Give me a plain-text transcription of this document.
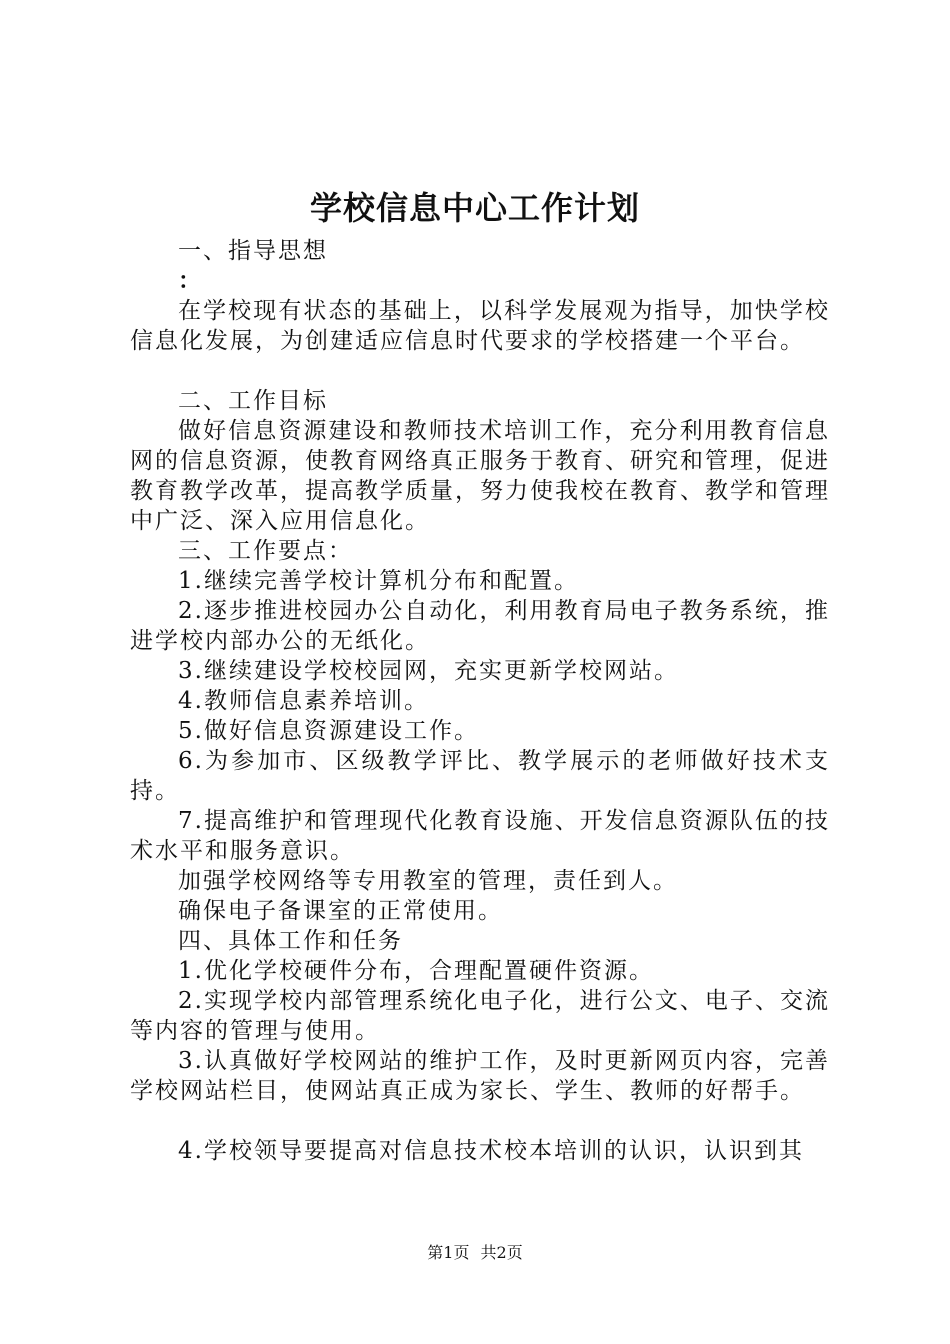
学校信息中心工作计划

一、指导思想

：

在学校现有状态的基础上，以科学发展观为指导，加快学校信息化发展，为创建适应信息时代要求的学校搭建一个平台。

二、工作目标

做好信息资源建设和教师技术培训工作，充分利用教育信息网的信息资源，使教育网络真正服务于教育、研究和管理，促进教育教学改革，提高教学质量，努力使我校在教育、教学和管理中广泛、深入应用信息化。

三、工作要点：

1.继续完善学校计算机分布和配置。

2.逐步推进校园办公自动化，利用教育局电子教务系统，推进学校内部办公的无纸化。

3.继续建设学校校园网，充实更新学校网站。

4.教师信息素养培训。

5.做好信息资源建设工作。

6.为参加市、区级教学评比、教学展示的老师做好技术支持。

7.提高维护和管理现代化教育设施、开发信息资源队伍的技术水平和服务意识。

加强学校网络等专用教室的管理，责任到人。

确保电子备课室的正常使用。

四、具体工作和任务

1.优化学校硬件分布，合理配置硬件资源。

2.实现学校内部管理系统化电子化，进行公文、电子、交流等内容的管理与使用。

3.认真做好学校网站的维护工作，及时更新网页内容，完善学校网站栏目，使网站真正成为家长、学生、教师的好帮手。

4.学校领导要提高对信息技术校本培训的认识，认识到其

第1页 共2页
